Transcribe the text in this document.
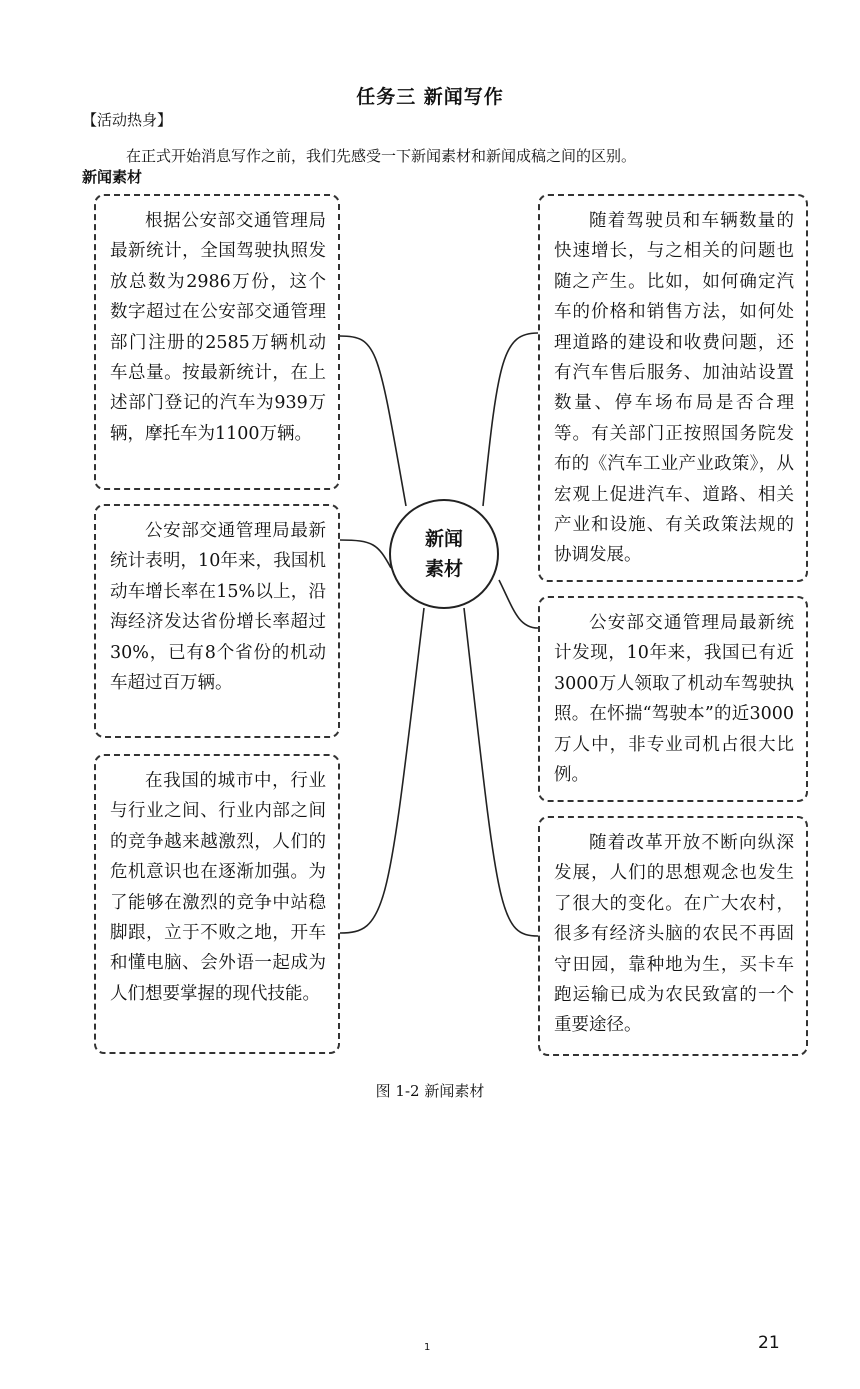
任务三 新闻写作
【活动热身】
在正式开始消息写作之前，我们先感受一下新闻素材和新闻成稿之间的区别。
新闻素材

根据公安部交通管理局最新统计，全国驾驶执照发放总数为2986万份，这个数字超过在公安部交通管理部门注册的2585万辆机动车总量。按最新统计，在上述部门登记的汽车为939万辆，摩托车为1100万辆。

公安部交通管理局最新统计表明，10年来，我国机动车增长率在15%以上，沿海经济发达省份增长率超过30%，已有8个省份的机动车超过百万辆。

在我国的城市中，行业与行业之间、行业内部之间的竞争越来越激烈，人们的危机意识也在逐渐加强。为了能够在激烈的竞争中站稳脚跟，立于不败之地，开车和懂电脑、会外语一起成为人们想要掌握的现代技能。

随着驾驶员和车辆数量的快速增长，与之相关的问题也随之产生。比如，如何确定汽车的价格和销售方法，如何处理道路的建设和收费问题，还有汽车售后服务、加油站设置数量、停车场布局是否合理等。有关部门正按照国务院发布的《汽车工业产业政策》，从宏观上促进汽车、道路、相关产业和设施、有关政策法规的协调发展。

公安部交通管理局最新统计发现，10年来，我国已有近3000万人领取了机动车驾驶执照。在怀揣“驾驶本”的近3000万人中，非专业司机占很大比例。

随着改革开放不断向纵深发展，人们的思想观念也发生了很大的变化。在广大农村，很多有经济头脑的农民不再固守田园，靠种地为生，买卡车跑运输已成为农民致富的一个重要途径。

新闻素材
图 1-2 新闻素材
1	21
